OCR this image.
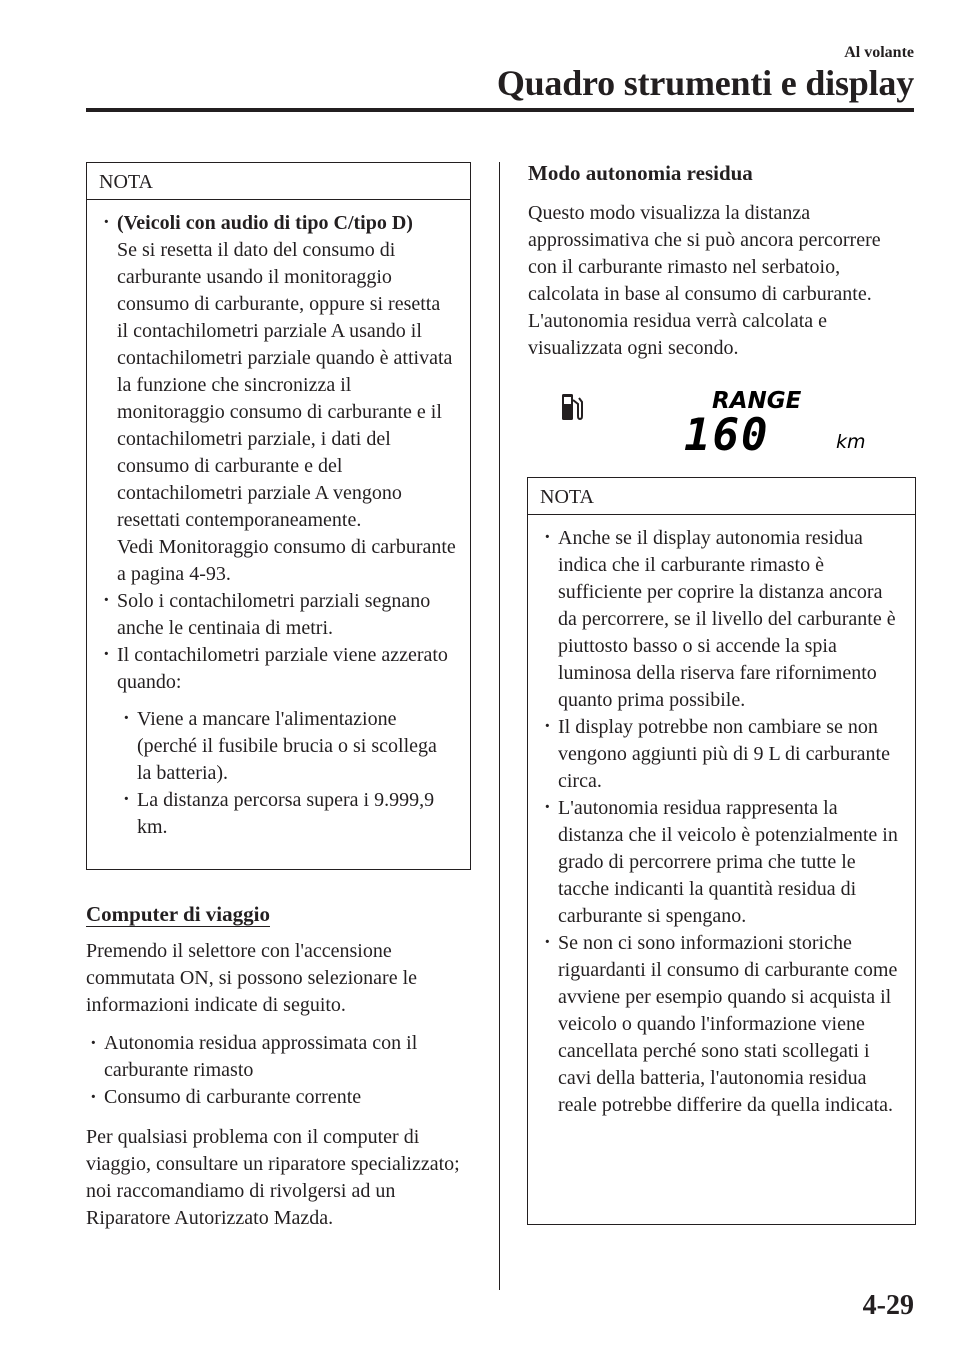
Al volante
Quadro strumenti e display
NOTA
· (Veicoli con audio di tipo C/tipo D)
Se si resetta il dato del consumo di carburante usando il monitoraggio consumo di carburante, oppure si resetta il contachilometri parziale A usando il contachilometri parziale quando è attivata la funzione che sincronizza il monitoraggio consumo di carburante e il contachilometri parziale, i dati del consumo di carburante e del contachilometri parziale A vengono resettati contemporaneamente.
Vedi Monitoraggio consumo di carburante a pagina 4-93.
· Solo i contachilometri parziali segnano anche le centinaia di metri.
· Il contachilometri parziale viene azzerato quando:
· Viene a mancare l'alimentazione (perché il fusibile brucia o si scollega la batteria).
· La distanza percorsa supera i 9.999,9 km.
Computer di viaggio

Premendo il selettore con l'accensione commutata ON, si possono selezionare le informazioni indicate di seguito.

· Autonomia residua approssimata con il carburante rimasto
· Consumo di carburante corrente

Per qualsiasi problema con il computer di viaggio, consultare un riparatore specializzato; noi raccomandiamo di rivolgersi ad un Riparatore Autorizzato Mazda.

Modo autonomia residua

Questo modo visualizza la distanza approssimativa che si può ancora percorrere con il carburante rimasto nel serbatoio, calcolata in base al consumo di carburante.
L'autonomia residua verrà calcolata e visualizzata ogni secondo.

RANGE
160	km
NOTA
· Anche se il display autonomia residua indica che il carburante rimasto è sufficiente per coprire la distanza ancora da percorrere, se il livello del carburante è piuttosto basso o si accende la spia luminosa della riserva fare rifornimento quanto prima possibile.
· Il display potrebbe non cambiare se non vengono aggiunti più di 9 L di carburante circa.
· L'autonomia residua rappresenta la distanza che il veicolo è potenzialmente in grado di percorrere prima che tutte le tacche indicanti la quantità residua di carburante si spengano.
· Se non ci sono informazioni storiche riguardanti il consumo di carburante come avviene per esempio quando si acquista il veicolo o quando l'informazione viene cancellata perché sono stati scollegati i cavi della batteria, l'autonomia residua reale potrebbe differire da quella indicata.
4-29
